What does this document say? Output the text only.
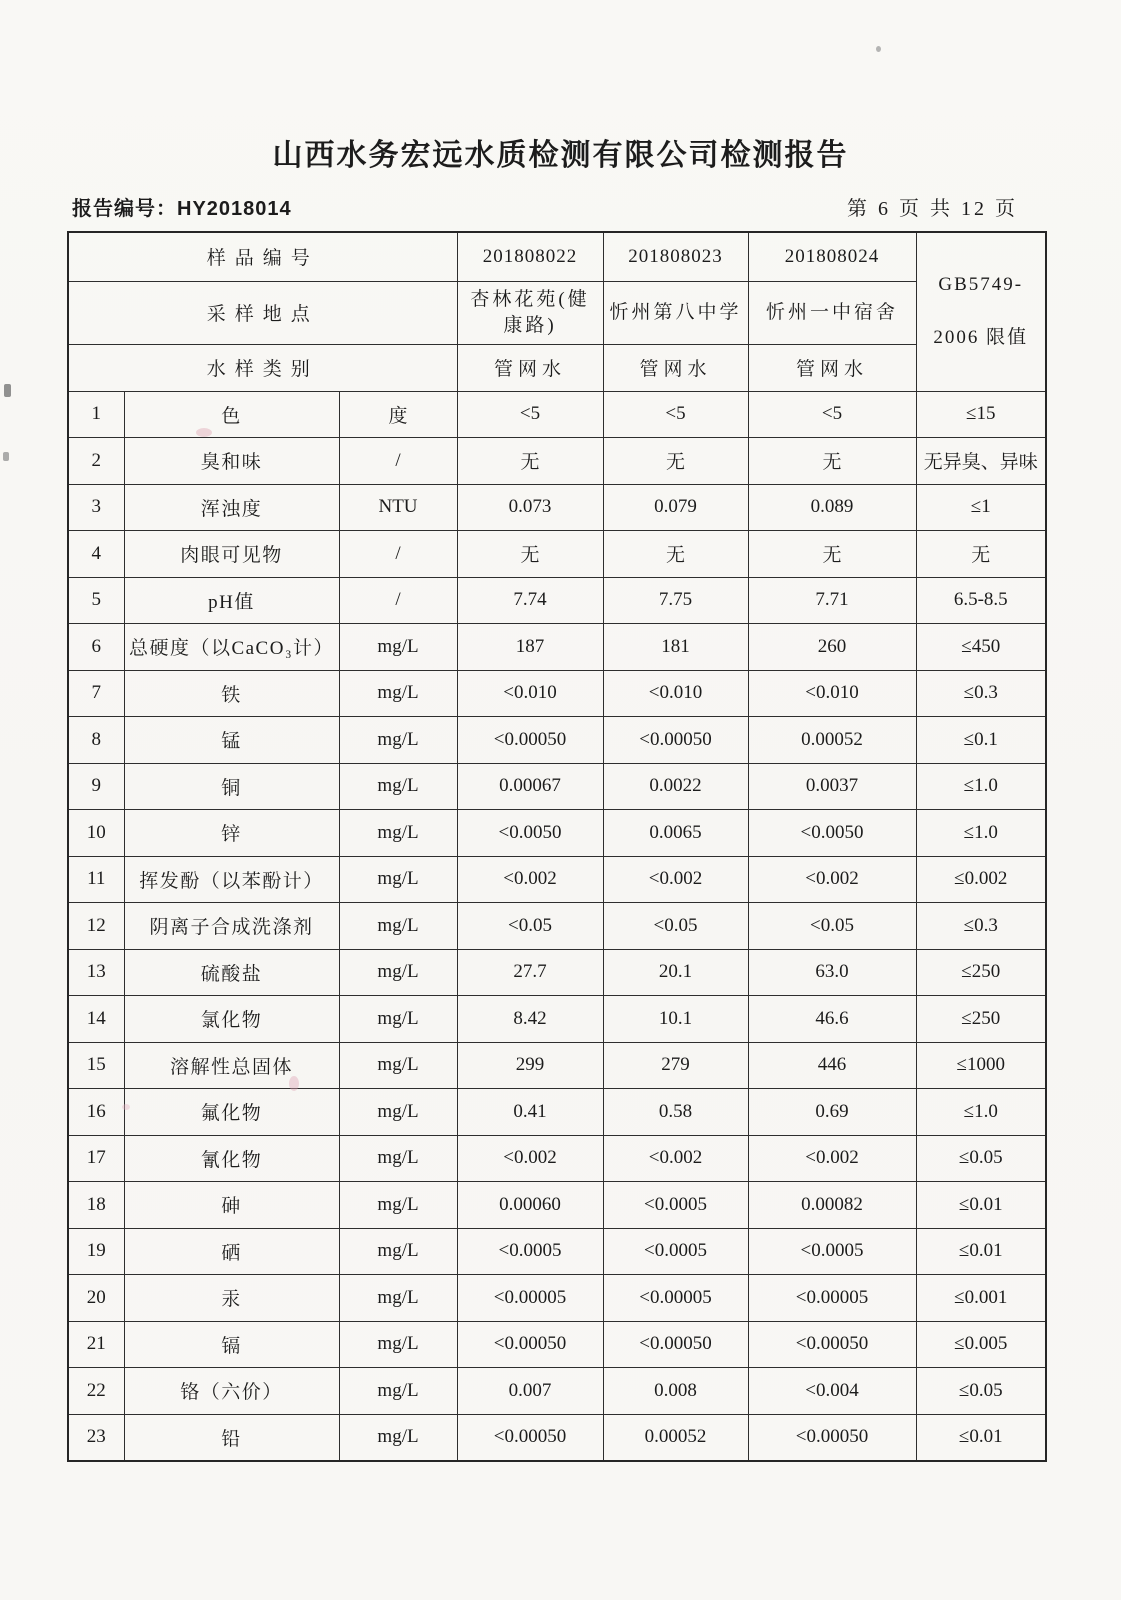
山西水务宏远水质检测有限公司检测报告
报告编号：HY2018014	第 6 页 共 12 页
样品编号			201808022	201808023	201808024	GB5749-
2006 限值

采样地点			杏林花苑(健康路)	忻州第八中学	忻州一中宿舍	
水样类别			管网水	管网水	管网水	
1	色	度	<5	<5	<5	≤15
2	臭和味	/	无	无	无	无异臭、异味
3	浑浊度	NTU	0.073	0.079	0.089	≤1
4	肉眼可见物	/	无	无	无	无
5	pH值	/	7.74	7.75	7.71	6.5-8.5
6	总硬度（以CaCO₃计）	mg/L	187	181	260	≤450
7	铁	mg/L	<0.010	<0.010	<0.010	≤0.3
8	锰	mg/L	<0.00050	<0.00050	0.00052	≤0.1
9	铜	mg/L	0.00067	0.0022	0.0037	≤1.0
10	锌	mg/L	<0.0050	0.0065	<0.0050	≤1.0
11	挥发酚（以苯酚计）	mg/L	<0.002	<0.002	<0.002	≤0.002
12	阴离子合成洗涤剂	mg/L	<0.05	<0.05	<0.05	≤0.3
13	硫酸盐	mg/L	27.7	20.1	63.0	≤250
14	氯化物	mg/L	8.42	10.1	46.6	≤250
15	溶解性总固体	mg/L	299	279	446	≤1000
16	氟化物	mg/L	0.41	0.58	0.69	≤1.0
17	氰化物	mg/L	<0.002	<0.002	<0.002	≤0.05
18	砷	mg/L	0.00060	<0.0005	0.00082	≤0.01
19	硒	mg/L	<0.0005	<0.0005	<0.0005	≤0.01
20	汞	mg/L	<0.00005	<0.00005	<0.00005	≤0.001
21	镉	mg/L	<0.00050	<0.00050	<0.00050	≤0.005
22	铬（六价）	mg/L	0.007	0.008	<0.004	≤0.05
23	铅	mg/L	<0.00050	0.00052	<0.00050	≤0.01
